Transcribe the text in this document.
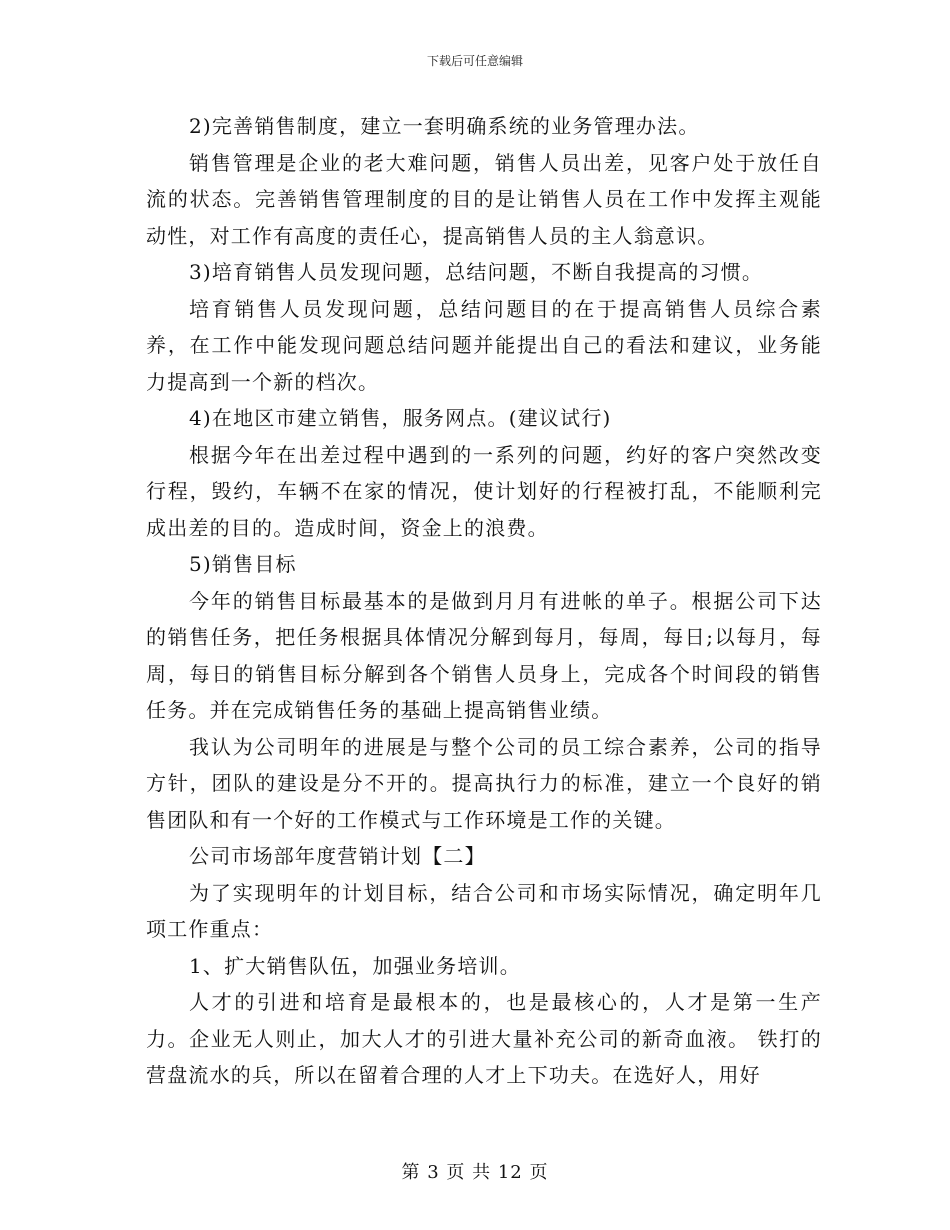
下载后可任意编辑

2)完善销售制度，建立一套明确系统的业务管理办法。

销售管理是企业的老大难问题，销售人员出差，见客户处于放任自流的状态。完善销售管理制度的目的是让销售人员在工作中发挥主观能动性，对工作有高度的责任心，提高销售人员的主人翁意识。

3)培育销售人员发现问题，总结问题，不断自我提高的习惯。

培育销售人员发现问题，总结问题目的在于提高销售人员综合素养，在工作中能发现问题总结问题并能提出自己的看法和建议，业务能力提高到一个新的档次。

4)在地区市建立销售，服务网点。(建议试行)

根据今年在出差过程中遇到的一系列的问题，约好的客户突然改变行程，毁约，车辆不在家的情况，使计划好的行程被打乱，不能顺利完成出差的目的。造成时间，资金上的浪费。

5)销售目标

今年的销售目标最基本的是做到月月有进帐的单子。根据公司下达的销售任务，把任务根据具体情况分解到每月，每周，每日;以每月，每周，每日的销售目标分解到各个销售人员身上，完成各个时间段的销售任务。并在完成销售任务的基础上提高销售业绩。

我认为公司明年的进展是与整个公司的员工综合素养，公司的指导方针，团队的建设是分不开的。提高执行力的标准，建立一个良好的销售团队和有一个好的工作模式与工作环境是工作的关键。

公司市场部年度营销计划【二】

为了实现明年的计划目标，结合公司和市场实际情况，确定明年几项工作重点：

1、扩大销售队伍，加强业务培训。

人才的引进和培育是最根本的，也是最核心的，人才是第一生产力。企业无人则止，加大人才的引进大量补充公司的新奇血液。 铁打的营盘流水的兵，所以在留着合理的人才上下功夫。在选好人，用好

第 3 页 共 12 页
